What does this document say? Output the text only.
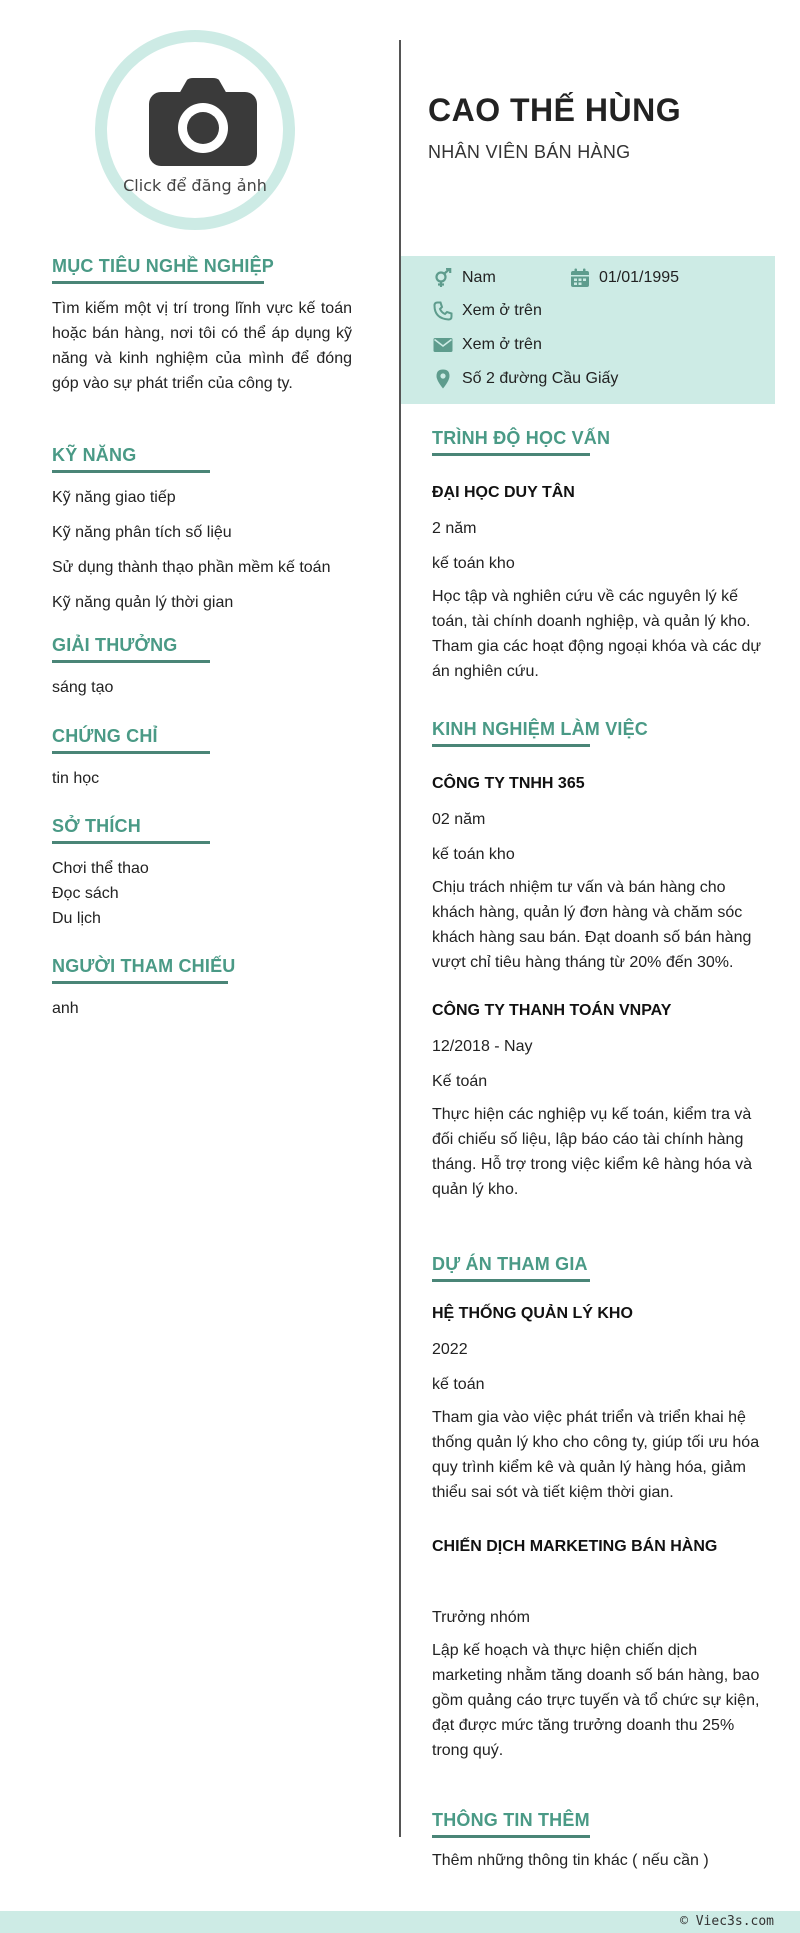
Click để đăng ảnh
MỤC TIÊU NGHỀ NGHIỆP
Tìm kiếm một vị trí trong lĩnh vực kế toán hoặc bán hàng, nơi tôi có thể áp dụng kỹ năng và kinh nghiệm của mình để đóng góp vào sự phát triển của công ty.
KỸ NĂNG
Kỹ năng giao tiếp
Kỹ năng phân tích số liệu
Sử dụng thành thạo phần mềm kế toán
Kỹ năng quản lý thời gian
GIẢI THƯỞNG
sáng tạo
CHỨNG CHỈ
tin học
SỞ THÍCH
Chơi thể thao
Đọc sách
Du lịch
NGƯỜI THAM CHIẾU
anh
CAO THẾ HÙNG
NHÂN VIÊN BÁN HÀNG
Nam	01/01/1995
Xem ở trên
Xem ở trên
Số 2 đường Cầu Giấy
TRÌNH ĐỘ HỌC VẤN
ĐẠI HỌC DUY TÂN
2 năm
kế toán kho
Học tập và nghiên cứu về các nguyên lý kế toán, tài chính doanh nghiệp, và quản lý kho. Tham gia các hoạt động ngoại khóa và các dự án nghiên cứu.
KINH NGHIỆM LÀM VIỆC
CÔNG TY TNHH 365
02 năm
kế toán kho
Chịu trách nhiệm tư vấn và bán hàng cho khách hàng, quản lý đơn hàng và chăm sóc khách hàng sau bán. Đạt doanh số bán hàng vượt chỉ tiêu hàng tháng từ 20% đến 30%.
CÔNG TY THANH TOÁN VNPAY
12/2018 - Nay
Kế toán
Thực hiện các nghiệp vụ kế toán, kiểm tra và đối chiếu số liệu, lập báo cáo tài chính hàng tháng. Hỗ trợ trong việc kiểm kê hàng hóa và quản lý kho.
DỰ ÁN THAM GIA
HỆ THỐNG QUẢN LÝ KHO
2022
kế toán
Tham gia vào việc phát triển và triển khai hệ thống quản lý kho cho công ty, giúp tối ưu hóa quy trình kiểm kê và quản lý hàng hóa, giảm thiểu sai sót và tiết kiệm thời gian.
CHIẾN DỊCH MARKETING BÁN HÀNG
Trưởng nhóm
Lập kế hoạch và thực hiện chiến dịch marketing nhằm tăng doanh số bán hàng, bao gồm quảng cáo trực tuyến và tổ chức sự kiện, đạt được mức tăng trưởng doanh thu 25% trong quý.
THÔNG TIN THÊM
Thêm những thông tin khác ( nếu cần )
© Viec3s.com
